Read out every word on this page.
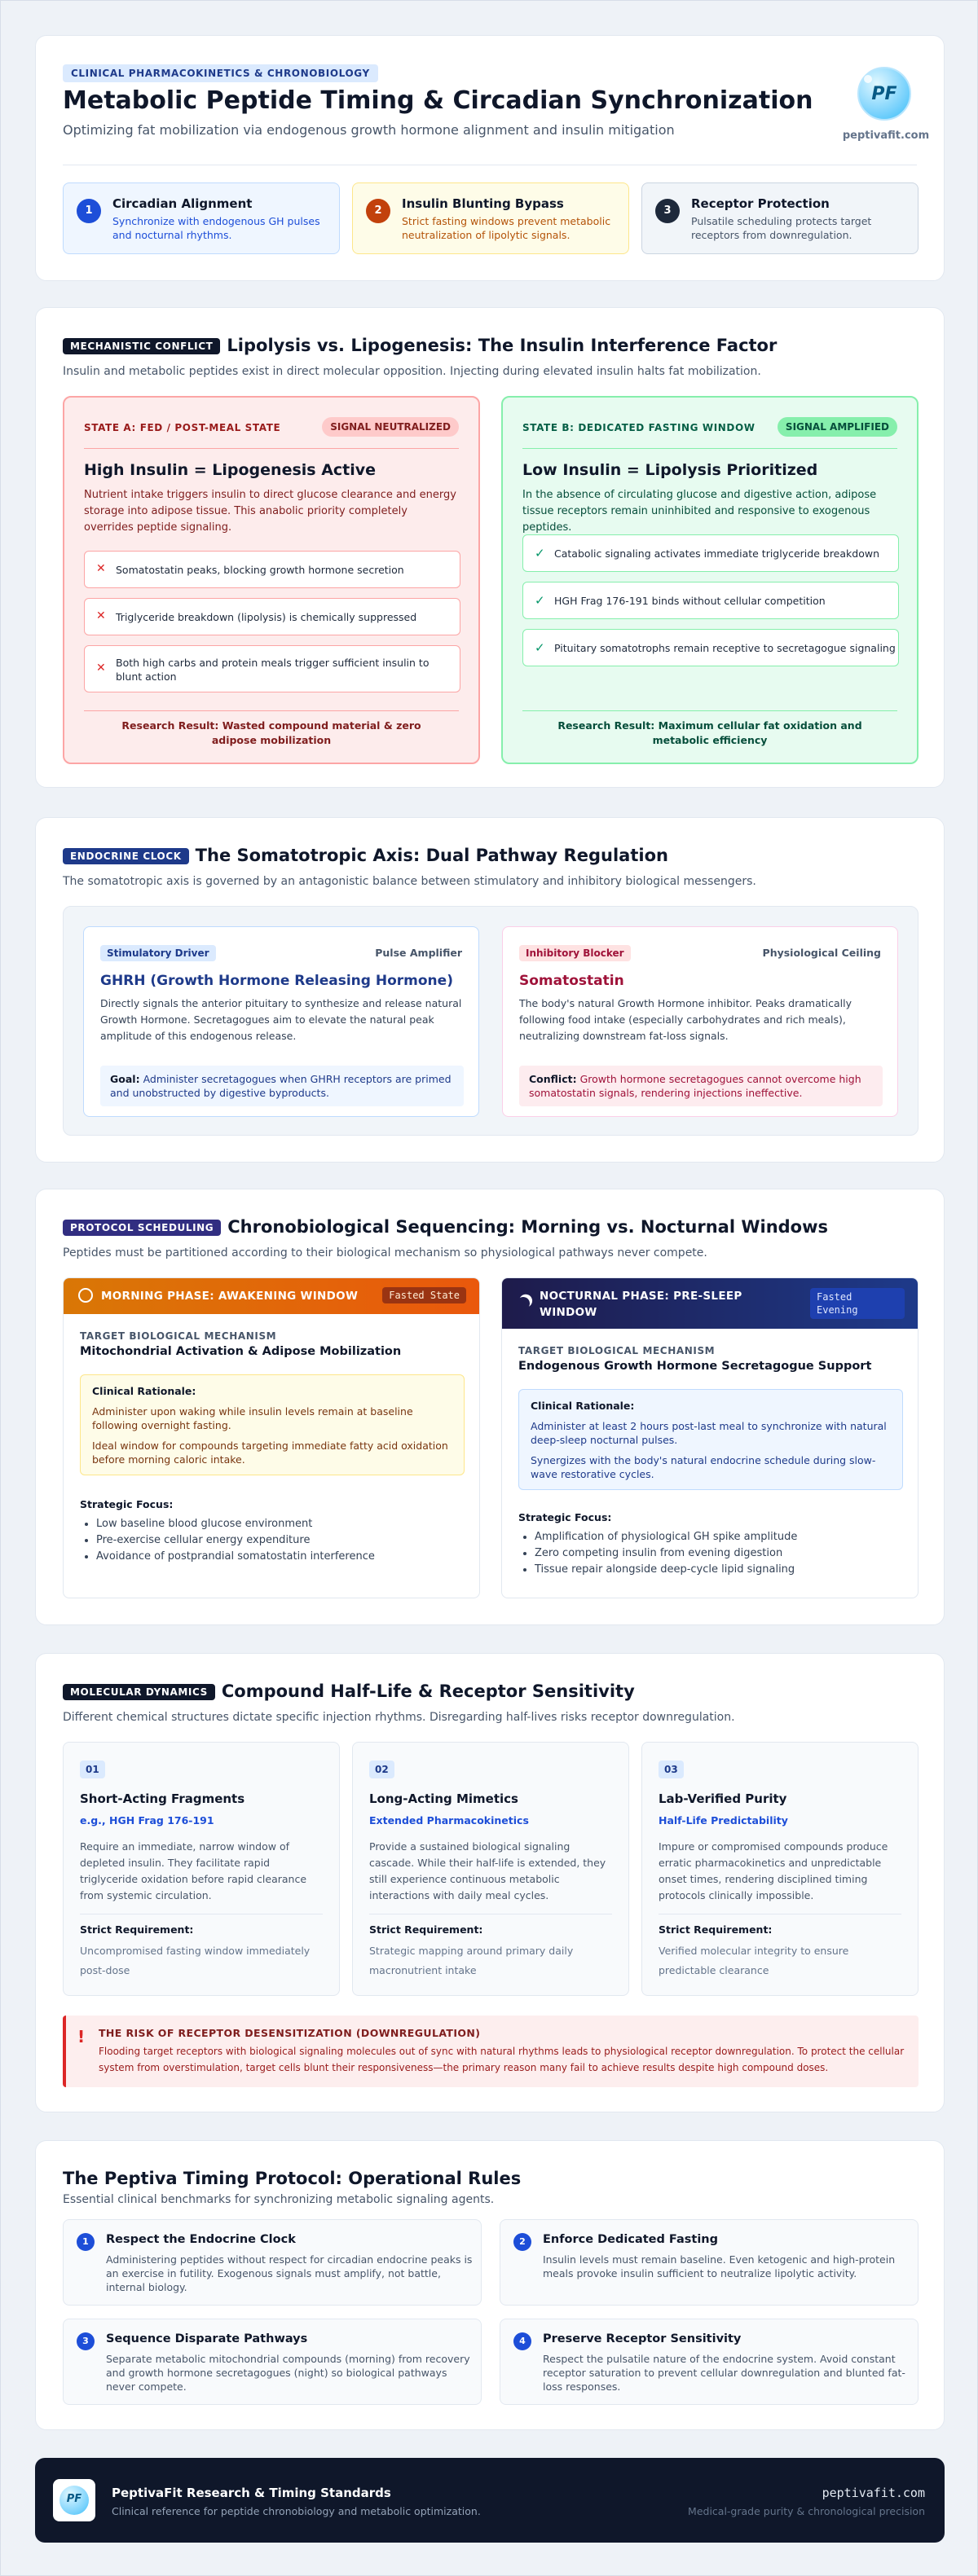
CLINICAL PHARMACOKINETICS & CHRONOBIOLOGY
Metabolic Peptide Timing & Circadian Synchronization
Optimizing fat mobilization via endogenous growth hormone alignment and insulin mitigation
PF
peptivafit.com
1	Circadian Alignment
Synchronize with endogenous GH pulses and nocturnal rhythms.
2	Insulin Blunting Bypass
Strict fasting windows prevent metabolic neutralization of lipolytic signals.
3	Receptor Protection
Pulsatile scheduling protects target receptors from downregulation.
MECHANISTIC CONFLICT Lipolysis vs. Lipogenesis: The Insulin Interference Factor
Insulin and metabolic peptides exist in direct molecular opposition. Injecting during elevated insulin halts fat mobilization.
STATE A: FED / POST-MEAL STATE	SIGNAL NEUTRALIZED
High Insulin = Lipogenesis Active
Nutrient intake triggers insulin to direct glucose clearance and energy storage into adipose tissue. This anabolic priority completely overrides peptide signaling.
✕ Somatostatin peaks, blocking growth hormone secretion
✕ Triglyceride breakdown (lipolysis) is chemically suppressed
✕ Both high carbs and protein meals trigger sufficient insulin to blunt action
Research Result: Wasted compound material & zero adipose mobilization
STATE B: DEDICATED FASTING WINDOW	SIGNAL AMPLIFIED
Low Insulin = Lipolysis Prioritized
In the absence of circulating glucose and digestive action, adipose tissue receptors remain uninhibited and responsive to exogenous peptides.
✓ Catabolic signaling activates immediate triglyceride breakdown
✓ HGH Frag 176-191 binds without cellular competition
✓ Pituitary somatotrophs remain receptive to secretagogue signaling
Research Result: Maximum cellular fat oxidation and metabolic efficiency
ENDOCRINE CLOCK The Somatotropic Axis: Dual Pathway Regulation
The somatotropic axis is governed by an antagonistic balance between stimulatory and inhibitory biological messengers.
Stimulatory Driver	Pulse Amplifier
GHRH (Growth Hormone Releasing Hormone)
Directly signals the anterior pituitary to synthesize and release natural Growth Hormone. Secretagogues aim to elevate the natural peak amplitude of this endogenous release.
Goal: Administer secretagogues when GHRH receptors are primed and unobstructed by digestive byproducts.
Inhibitory Blocker	Physiological Ceiling
Somatostatin
The body's natural Growth Hormone inhibitor. Peaks dramatically following food intake (especially carbohydrates and rich meals), neutralizing downstream fat-loss signals.
Conflict: Growth hormone secretagogues cannot overcome high somatostatin signals, rendering injections ineffective.
PROTOCOL SCHEDULING Chronobiological Sequencing: Morning vs. Nocturnal Windows
Peptides must be partitioned according to their biological mechanism so physiological pathways never compete.
MORNING PHASE: AWAKENING WINDOW	Fasted State
TARGET BIOLOGICAL MECHANISM
Mitochondrial Activation & Adipose Mobilization
Clinical Rationale:
Administer upon waking while insulin levels remain at baseline following overnight fasting.
Ideal window for compounds targeting immediate fatty acid oxidation before morning caloric intake.
Strategic Focus:
• Low baseline blood glucose environment
• Pre-exercise cellular energy expenditure
• Avoidance of postprandial somatostatin interference
NOCTURNAL PHASE: PRE-SLEEP WINDOW
Fasted Evening
TARGET BIOLOGICAL MECHANISM
Endogenous Growth Hormone Secretagogue Support
Clinical Rationale:
Administer at least 2 hours post-last meal to synchronize with natural deep-sleep nocturnal pulses.
Synergizes with the body's natural endocrine schedule during slow-wave restorative cycles.
Strategic Focus:
• Amplification of physiological GH spike amplitude
• Zero competing insulin from evening digestion
• Tissue repair alongside deep-cycle lipid signaling
MOLECULAR DYNAMICS Compound Half-Life & Receptor Sensitivity
Different chemical structures dictate specific injection rhythms. Disregarding half-lives risks receptor downregulation.
01
Short-Acting Fragments
e.g., HGH Frag 176-191
Require an immediate, narrow window of depleted insulin. They facilitate rapid triglyceride oxidation before rapid clearance from systemic circulation.
Strict Requirement:
Uncompromised fasting window immediately post-dose
02
Long-Acting Mimetics
Extended Pharmacokinetics
Provide a sustained biological signaling cascade. While their half-life is extended, they still experience continuous metabolic interactions with daily meal cycles.
Strict Requirement:
Strategic mapping around primary daily macronutrient intake
03
Lab-Verified Purity
Half-Life Predictability
Impure or compromised compounds produce erratic pharmacokinetics and unpredictable onset times, rendering disciplined timing protocols clinically impossible.
Strict Requirement:
Verified molecular integrity to ensure predictable clearance
! THE RISK OF RECEPTOR DESENSITIZATION (DOWNREGULATION)
Flooding target receptors with biological signaling molecules out of sync with natural rhythms leads to physiological receptor downregulation. To protect the cellular system from overstimulation, target cells blunt their responsiveness—the primary reason many fail to achieve results despite high compound doses.
The Peptiva Timing Protocol: Operational Rules
Essential clinical benchmarks for synchronizing metabolic signaling agents.
1	Respect the Endocrine Clock
Administering peptides without respect for circadian endocrine peaks is an exercise in futility. Exogenous signals must amplify, not battle, internal biology.
2	Enforce Dedicated Fasting
Insulin levels must remain baseline. Even ketogenic and high-protein meals provoke insulin sufficient to neutralize lipolytic activity.
3	Sequence Disparate Pathways
Separate metabolic mitochondrial compounds (morning) from recovery and growth hormone secretagogues (night) so biological pathways never compete.
4	Preserve Receptor Sensitivity
Respect the pulsatile nature of the endocrine system. Avoid constant receptor saturation to prevent cellular downregulation and blunted fat-loss responses.
PF	PeptivaFit Research & Timing Standards
Clinical reference for peptide chronobiology and metabolic optimization.
peptivafit.com
Medical-grade purity & chronological precision
